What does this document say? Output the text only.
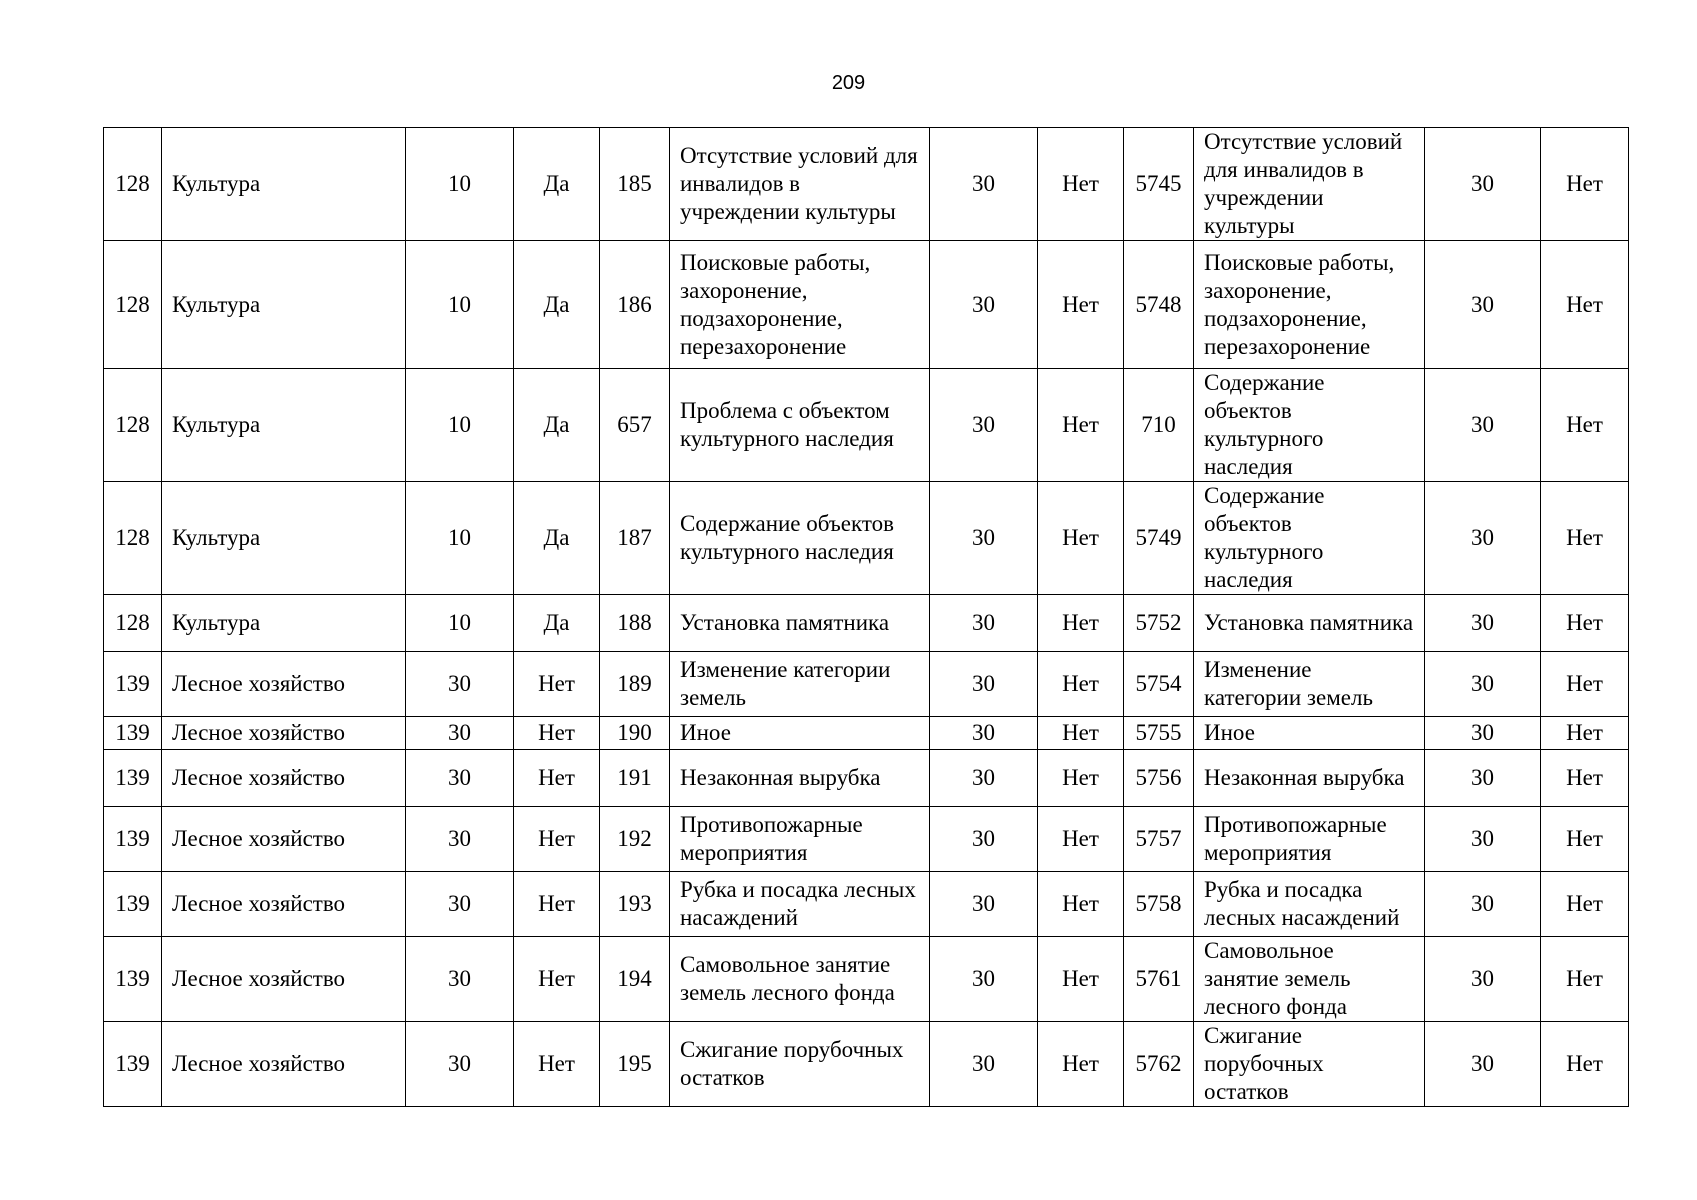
209
128	Культура	10	Да	185	Отсутствие условий для инвалидов в учреждении культуры	30	Нет	5745	Отсутствие условий для инвалидов в учреждении культуры	30	Нет
128	Культура	10	Да	186	Поисковые работы, захоронение, подзахоронение, перезахоронение	30	Нет	5748	Поисковые работы, захоронение, подзахоронение, перезахоронение	30	Нет
128	Культура	10	Да	657	Проблема с объектом культурного наследия	30	Нет	710	Содержание объектов культурного наследия	30	Нет
128	Культура	10	Да	187	Содержание объектов культурного наследия	30	Нет	5749	Содержание объектов культурного наследия	30	Нет
128	Культура	10	Да	188	Установка памятника	30	Нет	5752	Установка памятника	30	Нет
139	Лесное хозяйство	30	Нет	189	Изменение категории земель	30	Нет	5754	Изменение категории земель	30	Нет
139	Лесное хозяйство	30	Нет	190	Иное	30	Нет	5755	Иное	30	Нет
139	Лесное хозяйство	30	Нет	191	Незаконная вырубка	30	Нет	5756	Незаконная вырубка	30	Нет
139	Лесное хозяйство	30	Нет	192	Противопожарные мероприятия	30	Нет	5757	Противопожарные мероприятия	30	Нет
139	Лесное хозяйство	30	Нет	193	Рубка и посадка лесных насаждений	30	Нет	5758	Рубка и посадка лесных насаждений	30	Нет
139	Лесное хозяйство	30	Нет	194	Самовольное занятие земель лесного фонда	30	Нет	5761	Самовольное занятие земель лесного фонда	30	Нет
139	Лесное хозяйство	30	Нет	195	Сжигание порубочных остатков	30	Нет	5762	Сжигание порубочных остатков	30	Нет
